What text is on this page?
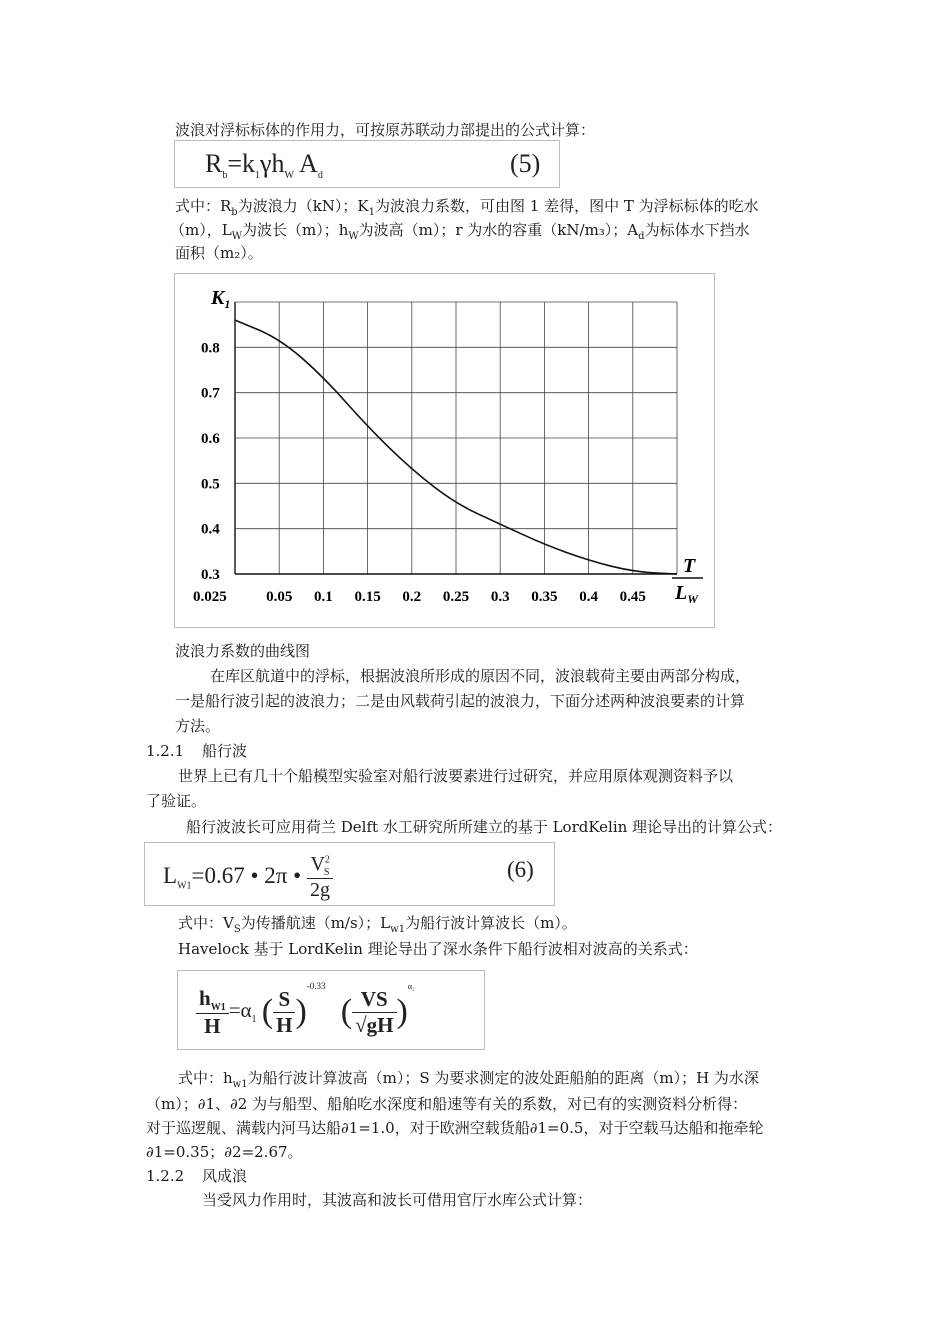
波浪对浮标标体的作用力，可按原苏联动力部提出的公式计算：
$R_b=k_1\gamma h_W$ $A_d$	(5)
式中：$R_b$为波浪力（kN）；$K_1$为波浪力系数，可由图 1 差得，图中 T 为浮标标体的吃水
（m），$L_W$为波长（m）；$h_W$为波高（m）；r 为水的容重（kN/m₃）；$A_d$为标体水下挡水
面积（m₂）。
0.3
0.4
0.5
0.6
0.7
0.8
0.025	0.05 0.1 0.15 0.2 0.25 0.3 0.35 0.4 0.45
$K_1$
T
$L_W$
波浪力系数的曲线图
在库区航道中的浮标，根据波浪所形成的原因不同，波浪载荷主要由两部分构成，
一是船行波引起的波浪力；二是由风载荷引起的波浪力，下面分述两种波浪要素的计算
方法。
1.2.1 船行波
世界上已有几十个船模型实验室对船行波要素进行过研究，并应用原体观测资料予以
了验证。
船行波波长可应用荷兰 Delft 水工研究所所建立的基于 LordKelin 理论导出的计算公式：
$L_{W1}=0.67$ • 2π • $\frac{V^2_S}{2g}$	(6)
式中：$V_S$为传播航速（m/s）；$L_{w1}$为船行波计算波长（m）。
Havelock 基于 LordKelin 理论导出了深水条件下船行波相对波高的关系式：
$\frac{h_{W1}}{H} =\alpha_1$ ( $\frac{S}{H} )^{-0.33}$ ( $\frac{VS}{√gH} )^{\alpha_2}$
式中：$h_{w1}$为船行波计算波高（m）；S 为要求测定的波处距船舶的距离（m）；H 为水深
（m）；∂1、∂2 为与船型、船舶吃水深度和船速等有关的系数，对已有的实测资料分析得：
对于巡逻舰、满载内河马达船∂1=1.0，对于欧洲空载货船∂1=0.5，对于空载马达船和拖牵轮
∂1=0.35；∂2=2.67。
1.2.2 风成浪
当受风力作用时，其波高和波长可借用官厅水库公式计算：
